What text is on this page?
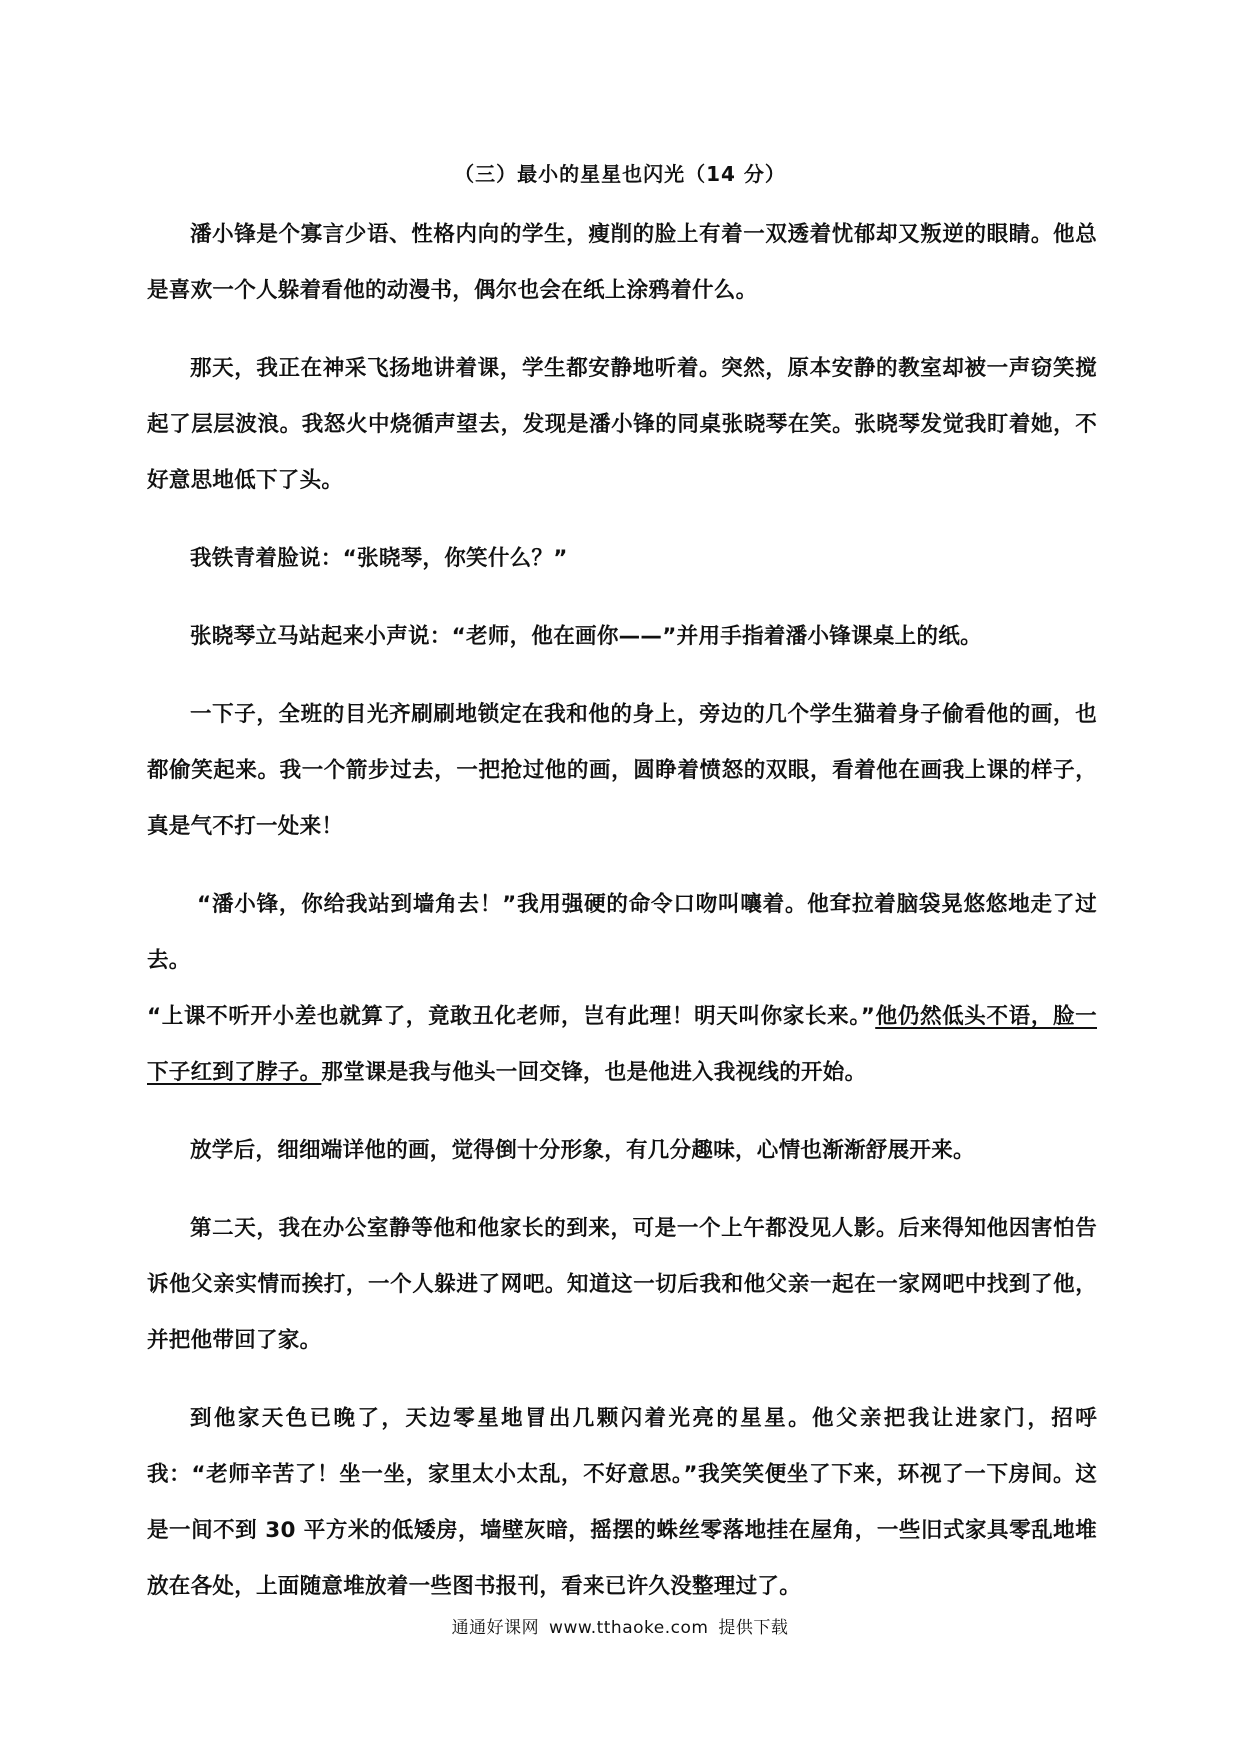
（三）最小的星星也闪光（14 分）

潘小锋是个寡言少语、性格内向的学生，瘦削的脸上有着一双透着忧郁却又叛逆的眼睛。他总是喜欢一个人躲着看他的动漫书，偶尔也会在纸上涂鸦着什么。

那天，我正在神采飞扬地讲着课，学生都安静地听着。突然，原本安静的教室却被一声窃笑搅起了层层波浪。我怒火中烧循声望去，发现是潘小锋的同桌张晓琴在笑。张晓琴发觉我盯着她，不好意思地低下了头。

我铁青着脸说：“张晓琴，你笑什么？”

张晓琴立马站起来小声说：“老师，他在画你——”并用手指着潘小锋课桌上的纸。

一下子，全班的目光齐刷刷地锁定在我和他的身上，旁边的几个学生猫着身子偷看他的画，也都偷笑起来。我一个箭步过去，一把抢过他的画，圆睁着愤怒的双眼，看着他在画我上课的样子，真是气不打一处来！

“潘小锋，你给我站到墙角去！”我用强硬的命令口吻叫嚷着。他耷拉着脑袋晃悠悠地走了过去。

“上课不听开小差也就算了，竟敢丑化老师，岂有此理！明天叫你家长来。”他仍然低头不语，脸一下子红到了脖子。那堂课是我与他头一回交锋，也是他进入我视线的开始。

放学后，细细端详他的画，觉得倒十分形象，有几分趣味，心情也渐渐舒展开来。

第二天，我在办公室静等他和他家长的到来，可是一个上午都没见人影。后来得知他因害怕告诉他父亲实情而挨打，一个人躲进了网吧。知道这一切后我和他父亲一起在一家网吧中找到了他，并把他带回了家。

到他家天色已晚了，天边零星地冒出几颗闪着光亮的星星。他父亲把我让进家门，招呼我：“老师辛苦了！坐一坐，家里太小太乱，不好意思。”我笑笑便坐了下来，环视了一下房间。这是一间不到 30 平方米的低矮房，墙壁灰暗，摇摆的蛛丝零落地挂在屋角，一些旧式家具零乱地堆放在各处，上面随意堆放着一些图书报刊，看来已许久没整理过了。

通通好课网 www.tthaoke.com 提供下载
